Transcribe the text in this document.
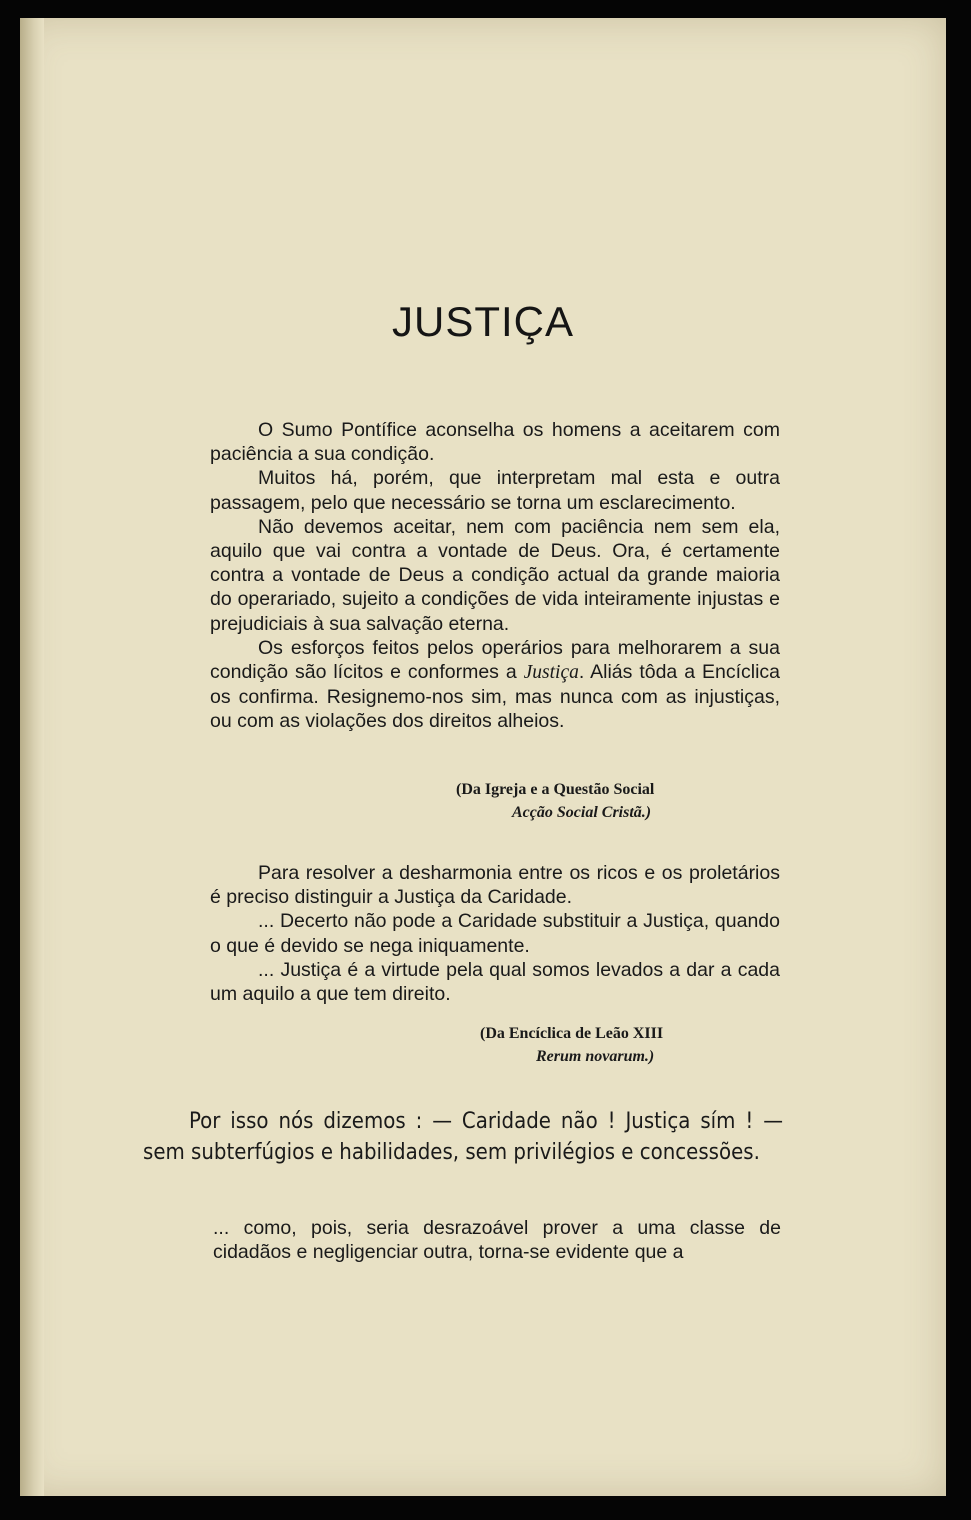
JUSTIÇA

O Sumo Pontífice aconselha os homens a aceitarem com paciência a sua condição.

Muitos há, porém, que interpretam mal esta e outra passagem, pelo que necessário se torna um esclarecimento.

Não devemos aceitar, nem com paciência nem sem ela, aquilo que vai contra a vontade de Deus. Ora, é certamente contra a vontade de Deus a condição actual da grande maioria do operariado, sujeito a condições de vida inteiramente injustas e prejudiciais à sua salvação eterna.

Os esforços feitos pelos operários para melhorarem a sua condição são lícitos e conformes a Justiça. Aliás tôda a Encíclica os confirma. Resignemo-nos sim, mas nunca com as injustiças, ou com as violações dos direitos alheios.

(Da Igreja e a Questão Social
Acção Social Cristã.)

Para resolver a desharmonia entre os ricos e os proletários é preciso distinguir a Justiça da Caridade.

... Decerto não pode a Caridade substituir a Justiça, quando o que é devido se nega iniquamente.

... Justiça é a virtude pela qual somos levados a dar a cada um aquilo a que tem direito.

(Da Encíclica de Leão XIII
Rerum novarum.)
Por isso nós dizemos : — Caridade não ! Justiça sím ! — sem subterfúgios e habilidades, sem privilégios e concessões.

... como, pois, seria desrazoável prover a uma classe de cidadãos e negligenciar outra, torna-se evidente que a
